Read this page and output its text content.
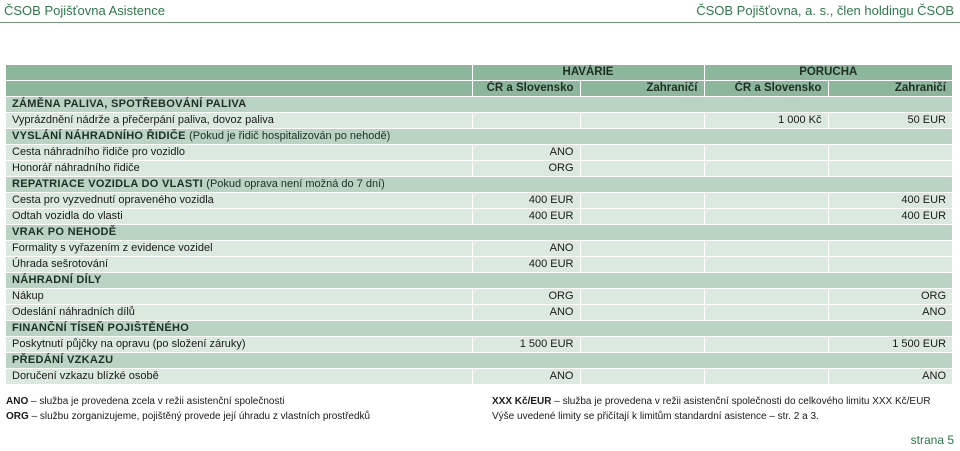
ČSOB Pojišťovna Asistence	ČSOB Pojišťovna, a. s., člen holdingu ČSOB
	HAVÁRIE		PORUCHA	
	ČR a Slovensko	Zahraničí	ČR a Slovensko	Zahraničí
ZÁMĚNA PALIVA, SPOTŘEBOVÁNÍ PALIVA				
Vyprázdnění nádrže a přečerpání paliva, dovoz paliva			1 000 Kč	50 EUR
VYSLÁNÍ NÁHRADNÍHO ŘIDIČE (Pokud je řidič hospitalizován po nehodě)				
Cesta náhradního řidiče pro vozidlo	ANO			
Honorář náhradního řidiče	ORG			
REPATRIACE VOZIDLA DO VLASTI (Pokud oprava není možná do 7 dní)				
Cesta pro vyzvednutí opraveného vozidla	400 EUR			400 EUR
Odtah vozidla do vlasti	400 EUR			400 EUR
VRAK PO NEHODĚ				
Formality s vyřazením z evidence vozidel	ANO			
Úhrada sešrotování	400 EUR			
NÁHRADNÍ DÍLY				
Nákup	ORG			ORG
Odeslání náhradních dílů	ANO			ANO
FINANČNÍ TÍSEŇ POJIŠTĚNÉHO				
Poskytnutí půjčky na opravu (po složení záruky)	1 500 EUR			1 500 EUR
PŘEDÁNÍ VZKAZU				
Doručení vzkazu blízké osobě	ANO			ANO
ANO – služba je provedena zcela v režii asistenční společnosti
ORG – službu zorganizujeme, pojištěný provede její úhradu z vlastních prostředků
XXX Kč/EUR – služba je provedena v režii asistenční společnosti do celkového limitu XXX Kč/EUR
Výše uvedené limity se přičítají k limitům standardní asistence – str. 2 a 3.
strana 5
